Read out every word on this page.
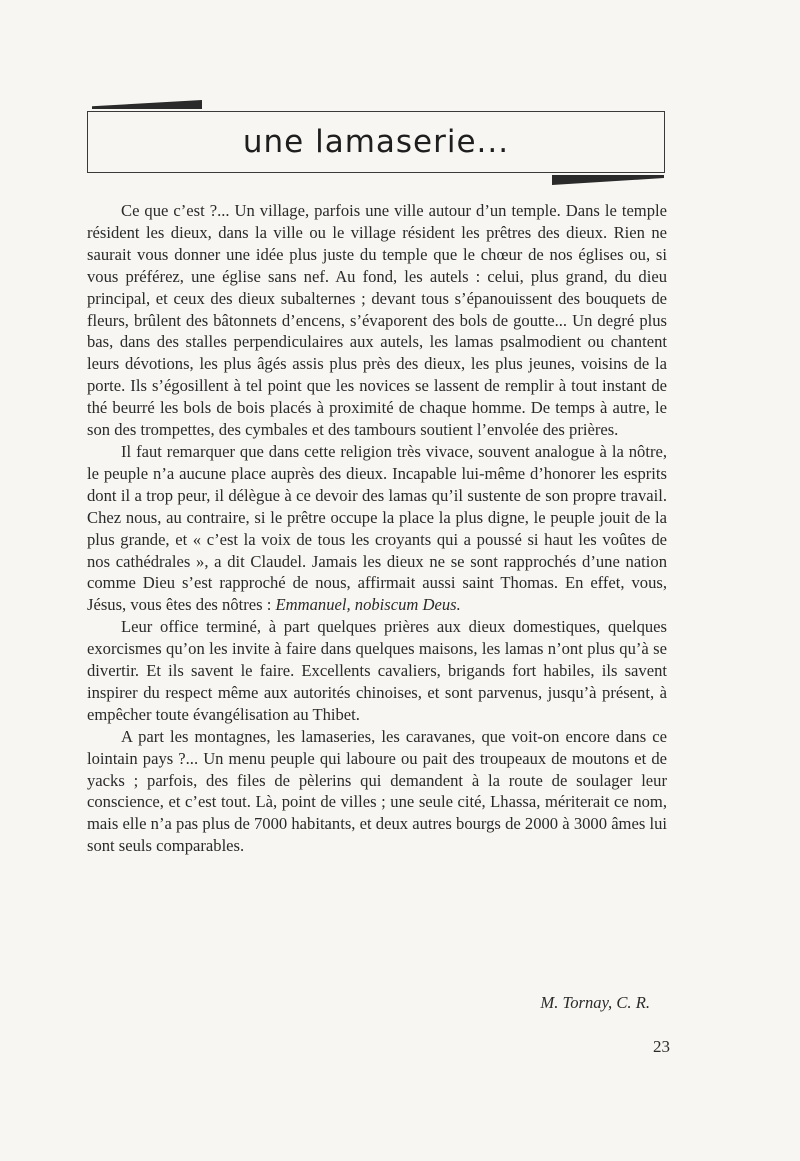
une lamaserie...

Ce que c’est ?... Un village, parfois une ville autour d’un temple. Dans le temple résident les dieux, dans la ville ou le village résident les prêtres des dieux. Rien ne saurait vous donner une idée plus juste du temple que le chœur de nos églises ou, si vous préférez, une église sans nef. Au fond, les autels : celui, plus grand, du dieu principal, et ceux des dieux subalternes ; devant tous s’épanouissent des bouquets de fleurs, brûlent des bâtonnets d’encens, s’évaporent des bols de goutte... Un degré plus bas, dans des stalles perpendiculaires aux autels, les lamas psalmodient ou chantent leurs dévotions, les plus âgés assis plus près des dieux, les plus jeunes, voisins de la porte. Ils s’égosillent à tel point que les novices se lassent de remplir à tout instant de thé beurré les bols de bois placés à proximité de chaque homme. De temps à autre, le son des trompettes, des cymbales et des tambours soutient l’envolée des prières.

Il faut remarquer que dans cette religion très vivace, souvent analogue à la nôtre, le peuple n’a aucune place auprès des dieux. Incapable lui-même d’honorer les esprits dont il a trop peur, il délègue à ce devoir des lamas qu’il sustente de son propre travail. Chez nous, au contraire, si le prêtre occupe la place la plus digne, le peuple jouit de la plus grande, et « c’est la voix de tous les croyants qui a poussé si haut les voûtes de nos cathédrales », a dit Claudel. Jamais les dieux ne se sont rapprochés d’une nation comme Dieu s’est rapproché de nous, affirmait aussi saint Thomas. En effet, vous, Jésus, vous êtes des nôtres : Emmanuel, nobiscum Deus.

Leur office terminé, à part quelques prières aux dieux domestiques, quelques exorcismes qu’on les invite à faire dans quelques maisons, les lamas n’ont plus qu’à se divertir. Et ils savent le faire. Excellents cavaliers, brigands fort habiles, ils savent inspirer du respect même aux autorités chinoises, et sont parvenus, jusqu’à présent, à empêcher toute évangélisation au Thibet.

A part les montagnes, les lamaseries, les caravanes, que voit-on encore dans ce lointain pays ?... Un menu peuple qui laboure ou pait des troupeaux de moutons et de yacks ; parfois, des files de pèlerins qui demandent à la route de soulager leur conscience, et c’est tout. Là, point de villes ; une seule cité, Lhassa, mériterait ce nom, mais elle n’a pas plus de 7000 habitants, et deux autres bourgs de 2000 à 3000 âmes lui sont seuls comparables.

M. Tornay, C. R.
23
